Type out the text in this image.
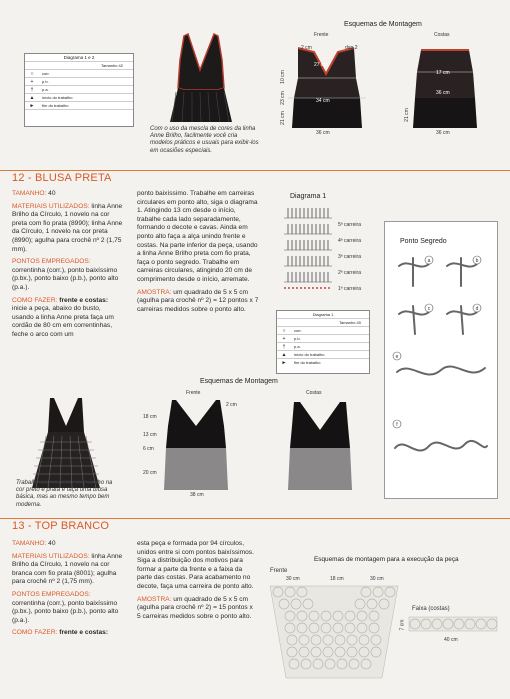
Diagrama 1 e 2
Tamanho 42
○	corr.
+	p.b.
†	p.a.
▲	início do trabalho
►	fim do trabalho
Com o uso da mescla de cores da linha Anne Brilho, facilmente você cria modelos práticos e usuais para exibir-los em ocasiões especiais.
Esquemas de Montagem
Frente	Costas
dap.2
27 cm
2 cm
34 cm
10 cm
23 cm
21 cm
36 cm
17 cm
36 cm
21 cm
36 cm
12 - BLUSA PRETA

TAMANHO: 40

MATERIAIS UTILIZADOS: linha Anne Brilho da Círculo, 1 novelo na cor preta com fio prata (8990); linha Anne da Círculo, 1 novelo na cor preta (8990); agulha para crochê nº 2 (1,75 mm).

PONTOS EMPREGADOS: correntinha (corr.), ponto baixíssimo (p.bx.), ponto baixo (p.b.), ponto alto (p.a.).

COMO FAZER: frente e costas: inicie a peça, abaixo do busto, usando a linha Anne preta faça um cordão de 80 cm em correntinhas, feche o arco com um

ponto baixíssimo. Trabalhe em carreiras circulares em ponto alto, siga o diagrama 1. Atingindo 13 cm desde o início, trabalhe cada lado separadamente, formando o decote e cavas. Ainda em ponto alto faça a alça unindo frente e costas. Na parte inferior da peça, usando a linha Anne Brilho preta com fio prata, faça o ponto segredo. Trabalhe em carreiras circulares, atingindo 20 cm de comprimento desde o início, arremate.

AMOSTRA: um quadrado de 5 x 5 cm (agulha para crochê nº 2) = 12 pontos x 7 carreiras medidos sobre o ponto alto.

Diagrama 1
5ª carreira
4ª carreira
3ª carreira
2ª carreira
1ª carreira
Diagrama 1
Tamanho 40
○	corr.
+	p.b.
†	p.a.
▲	início do trabalho
►	fim do trabalho
Ponto Segredo
a	b
c	d
e
f
Trabalhe com a linha Anne Brilho na cor preto e prata e faça uma blusa básica, mas ao mesmo tempo bem moderna.
Esquemas de Montagem
Frente	Costas
2 cm
18 cm
13 cm
6 cm
20 cm
38 cm
13 - TOP BRANCO

TAMANHO: 40

MATERIAIS UTILIZADOS: linha Anne Brilho da Círculo, 1 novelo na cor branca com fio prata (8001); agulha para crochê nº 2 (1,75 mm).

PONTOS EMPREGADOS: correntinha (corr.), ponto baixíssimo (p.bx.), ponto baixo (p.b.), ponto alto (p.a.).

COMO FAZER: frente e costas:

esta peça e formada por 94 círculos, unidos entre si com pontos baixíssimos. Siga a distribuição dos motivos para formar a parte da frente e a faixa da parte das costas. Para acabamento no decote, faça uma carreira de ponto alto.

AMOSTRA: um quadrado de 5 x 5 cm (agulha para crochê nº 2) = 15 pontos x 5 carreiras medidos sobre o ponto alto.

Esquemas de montagem para a execução da peça
Frente
30 cm	18 cm	30 cm
Faixa (costas)
7 cm
40 cm
